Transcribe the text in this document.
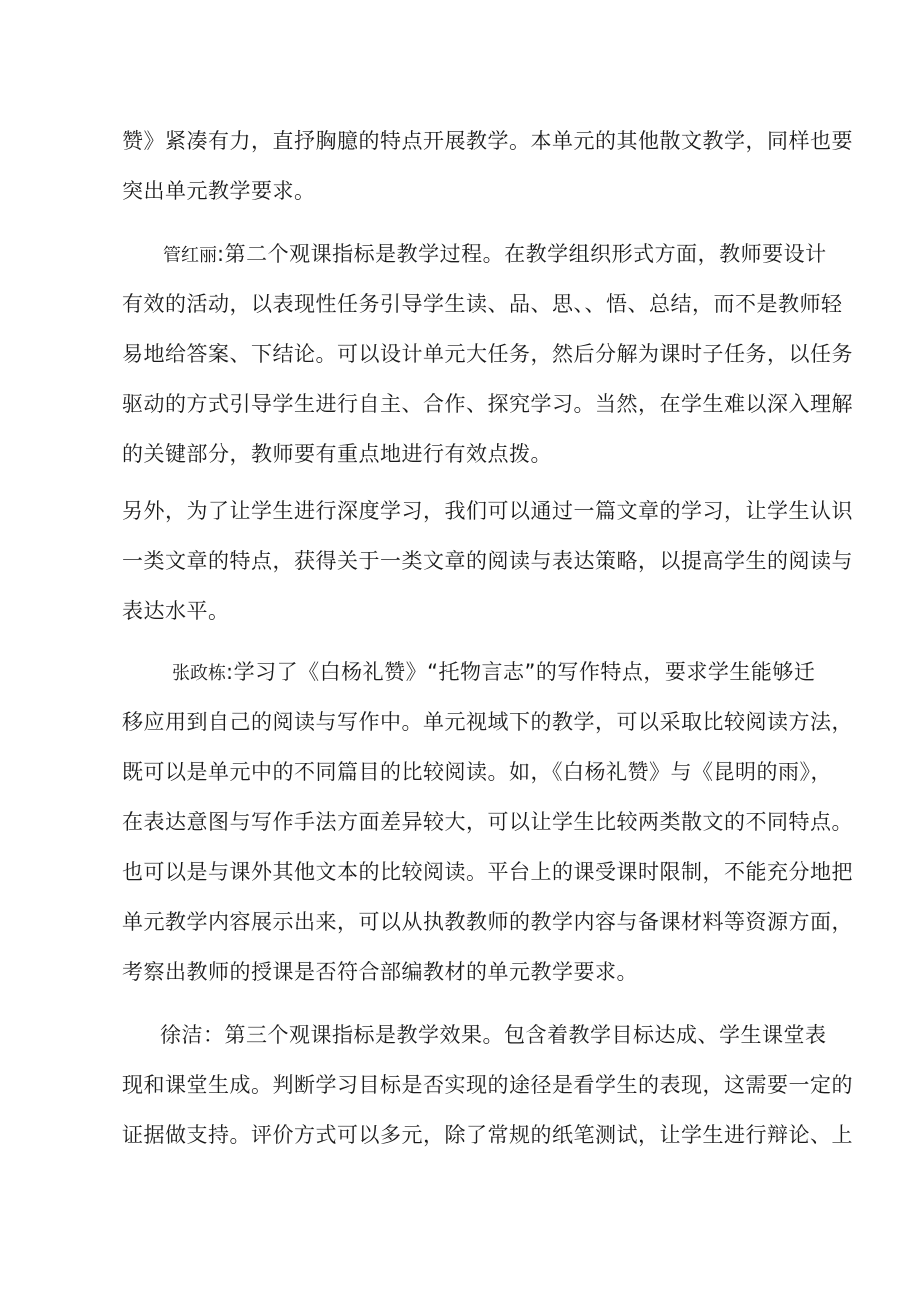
赞》紧凑有力，直抒胸臆的特点开展教学。本单元的其他散文教学，同样也要
突出单元教学要求。
管红丽:第二个观课指标是教学过程。在教学组织形式方面，教师要设计
有效的活动，以表现性任务引导学生读、品、思、、悟、总结，而不是教师轻
易地给答案、下结论。可以设计单元大任务，然后分解为课时子任务，以任务
驱动的方式引导学生进行自主、合作、探究学习。当然，在学生难以深入理解
的关键部分，教师要有重点地进行有效点拨。
另外，为了让学生进行深度学习，我们可以通过一篇文章的学习，让学生认识
一类文章的特点，获得关于一类文章的阅读与表达策略，以提高学生的阅读与
表达水平。
张政栋:学习了《白杨礼赞》“托物言志”的写作特点，要求学生能够迁
移应用到自己的阅读与写作中。单元视域下的教学，可以采取比较阅读方法，
既可以是单元中的不同篇目的比较阅读。如，《白杨礼赞》与《昆明的雨》，
在表达意图与写作手法方面差异较大，可以让学生比较两类散文的不同特点。
也可以是与课外其他文本的比较阅读。平台上的课受课时限制，不能充分地把
单元教学内容展示出来，可以从执教教师的教学内容与备课材料等资源方面，
考察出教师的授课是否符合部编教材的单元教学要求。
徐洁：第三个观课指标是教学效果。包含着教学目标达成、学生课堂表
现和课堂生成。判断学习目标是否实现的途径是看学生的表现，这需要一定的
证据做支持。评价方式可以多元，除了常规的纸笔测试，让学生进行辩论、上
